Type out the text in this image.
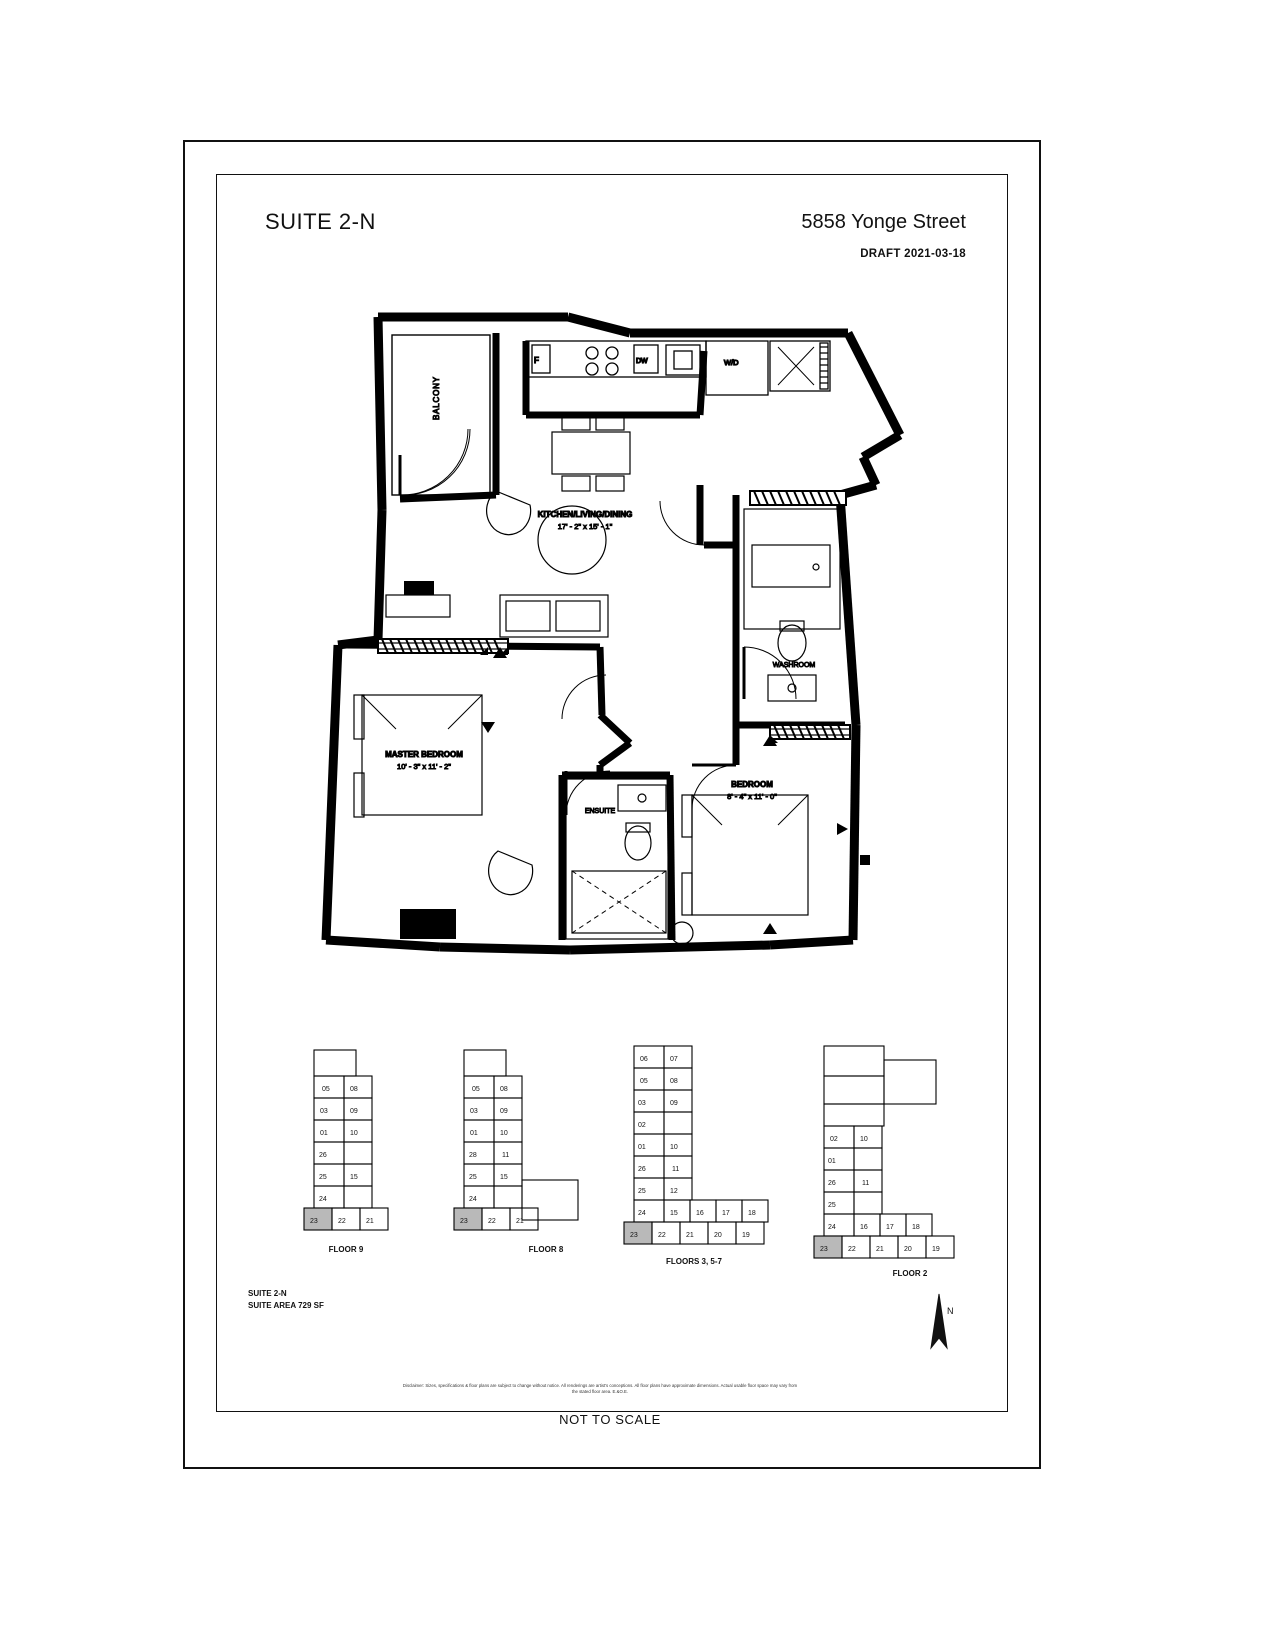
SUITE 2-N	5858 Yonge Street
DRAFT 2021-03-18
BALCONY
F	DW	W/D
MASTER BEDROOM
10' - 3" x 11' - 2"
KITCHEN/LIVING/DINING
17' - 2" x 15' - 1"
WASHROOM
ENSUITE
BEDROOM
8' - 4" x 11' - 0"
05	08
03	09
01	10
26
25	15
24
23	22	21
FLOOR 9
05	08
03	09
01	10
28	11
25	15
24
23	22	21
FLOOR 8
06	07
05	08
03	09
02
01	10
26	11
25	12
24	15	16	17	18
23	22	21	20	19
FLOORS 3, 5-7
02	10
01
26	11
25
24	16	17	18
23	22	21	20	19
FLOOR 2
N
SUITE 2-N
SUITE AREA 729 SF
Disclaimer: Sizes, specifications & floor plans are subject to change without notice. All renderings are artist's conceptions. All floor plans have approximate dimensions. Actual usable floor space may vary from the stated floor area. E.&O.E.
NOT TO SCALE
